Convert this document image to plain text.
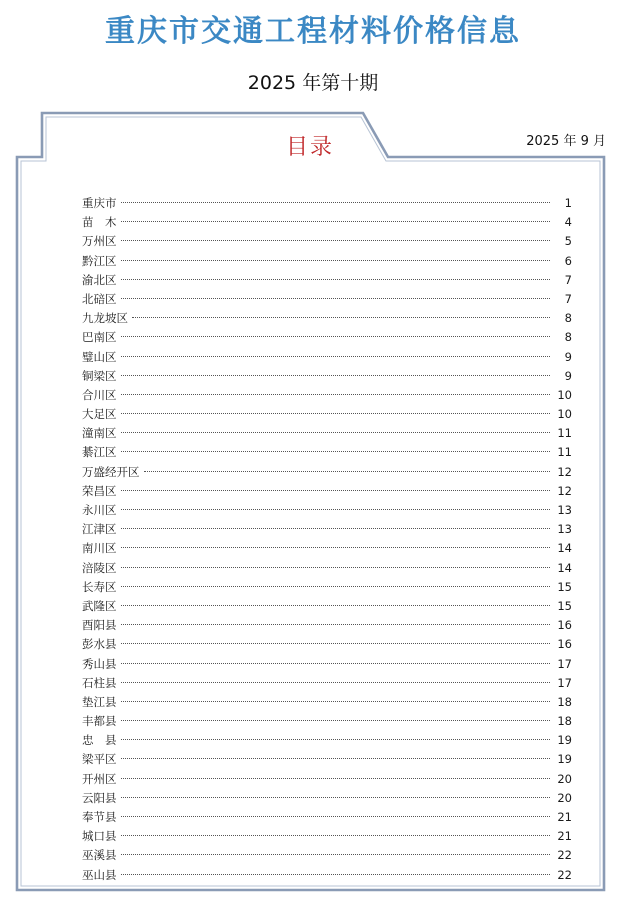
重庆市交通工程材料价格信息
2025 年第十期
目录	2025 年 9 月
重庆市	1
苗　木	4
万州区	5
黔江区	6
渝北区	7
北碚区	7
九龙坡区	8
巴南区	8
璧山区	9
铜梁区	9
合川区	10
大足区	10
潼南区	11
綦江区	11
万盛经开区	12
荣昌区	12
永川区	13
江津区	13
南川区	14
涪陵区	14
长寿区	15
武隆区	15
酉阳县	16
彭水县	16
秀山县	17
石柱县	17
垫江县	18
丰都县	18
忠　县	19
梁平区	19
开州区	20
云阳县	20
奉节县	21
城口县	21
巫溪县	22
巫山县	22
